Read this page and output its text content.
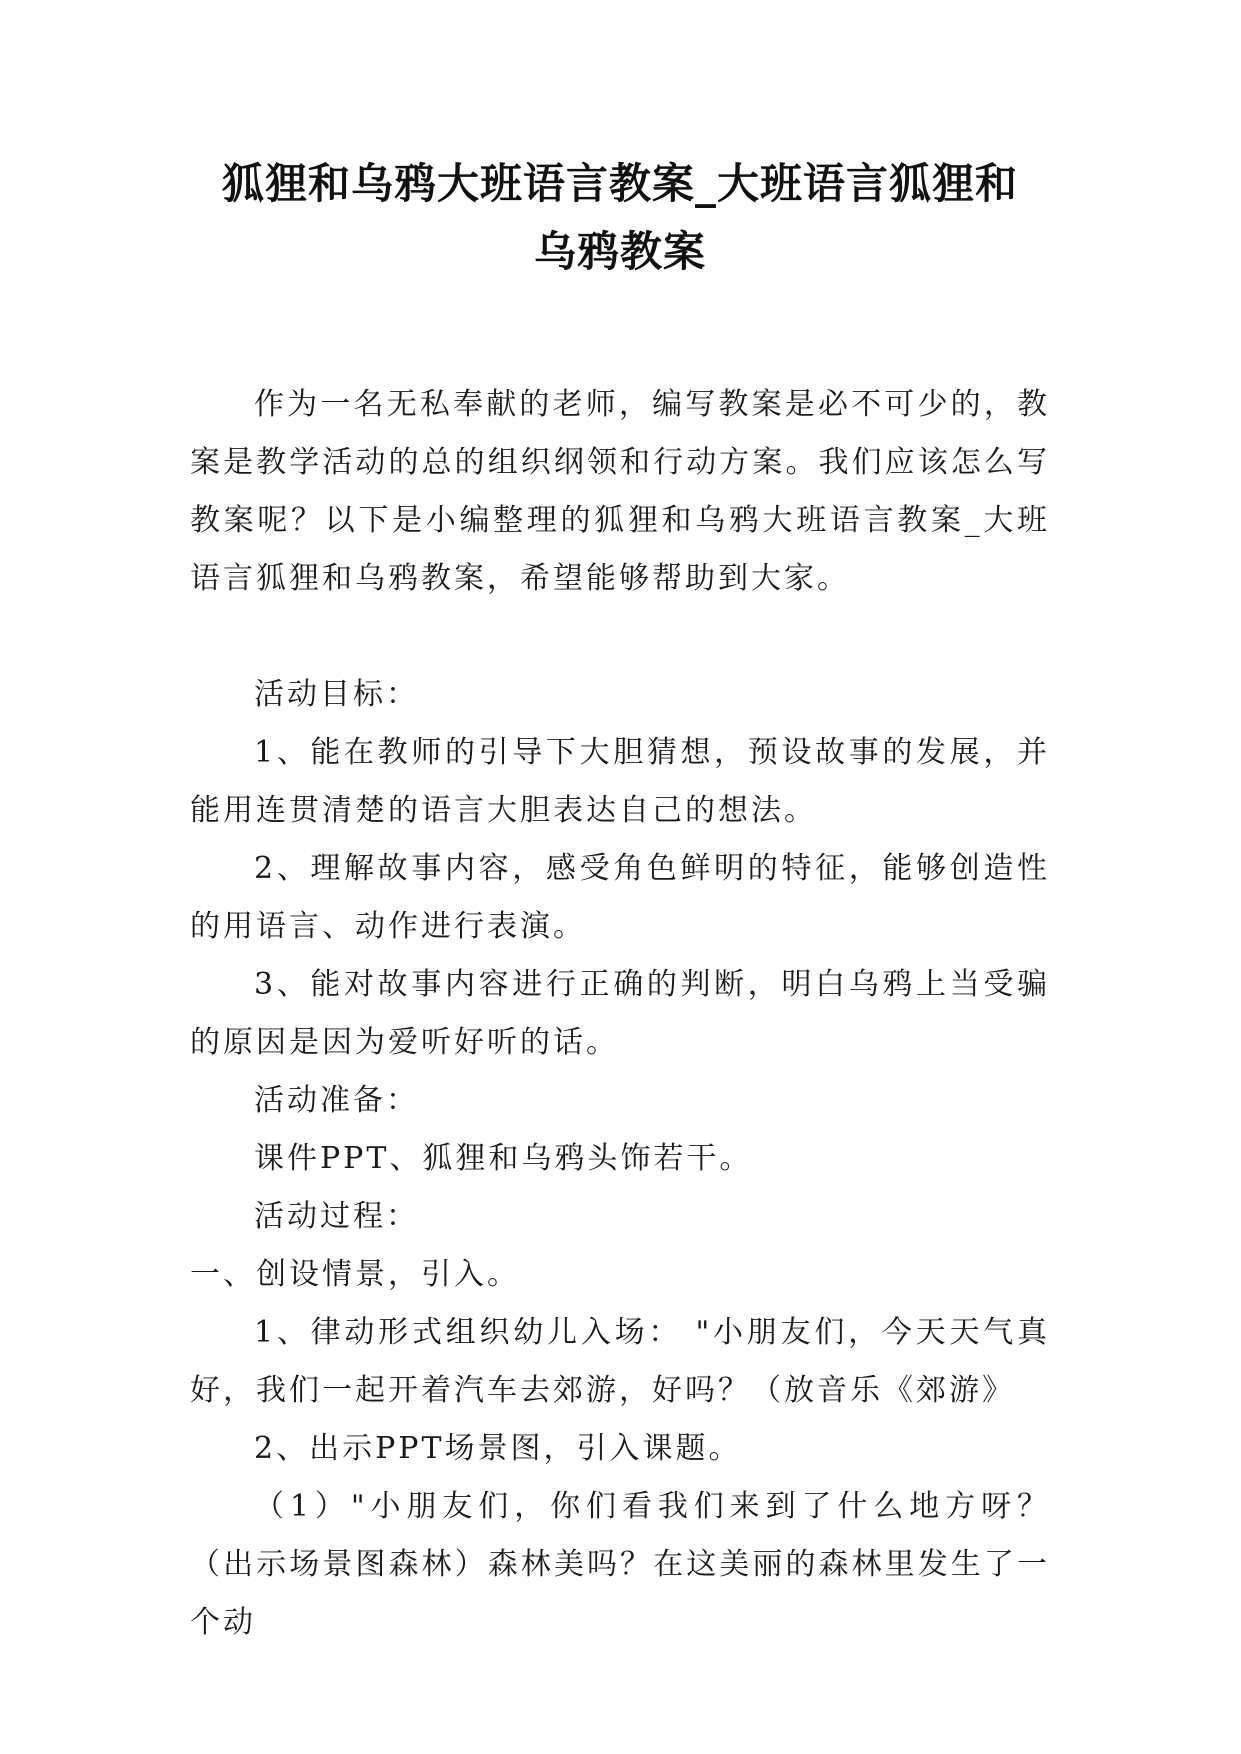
狐狸和乌鸦大班语言教案_大班语言狐狸和
乌鸦教案

作为一名无私奉献的老师，编写教案是必不可少的，教案是教学活动的总的组织纲领和行动方案。我们应该怎么写教案呢？以下是小编整理的狐狸和乌鸦大班语言教案_大班语言狐狸和乌鸦教案，希望能够帮助到大家。

活动目标：

1、能在教师的引导下大胆猜想，预设故事的发展，并能用连贯清楚的语言大胆表达自己的想法。

2、理解故事内容，感受角色鲜明的特征，能够创造性的用语言、动作进行表演。

3、能对故事内容进行正确的判断，明白乌鸦上当受骗的原因是因为爱听好听的话。

活动准备：

课件PPT、狐狸和乌鸦头饰若干。

活动过程：

一、创设情景，引入。

1、律动形式组织幼儿入场： "小朋友们，今天天气真好，我们一起开着汽车去郊游，好吗？（放音乐《郊游》

2、出示PPT场景图，引入课题。

（1）"小朋友们，你们看我们来到了什么地方呀？（出示场景图森林）森林美吗？在这美丽的森林里发生了一个动
